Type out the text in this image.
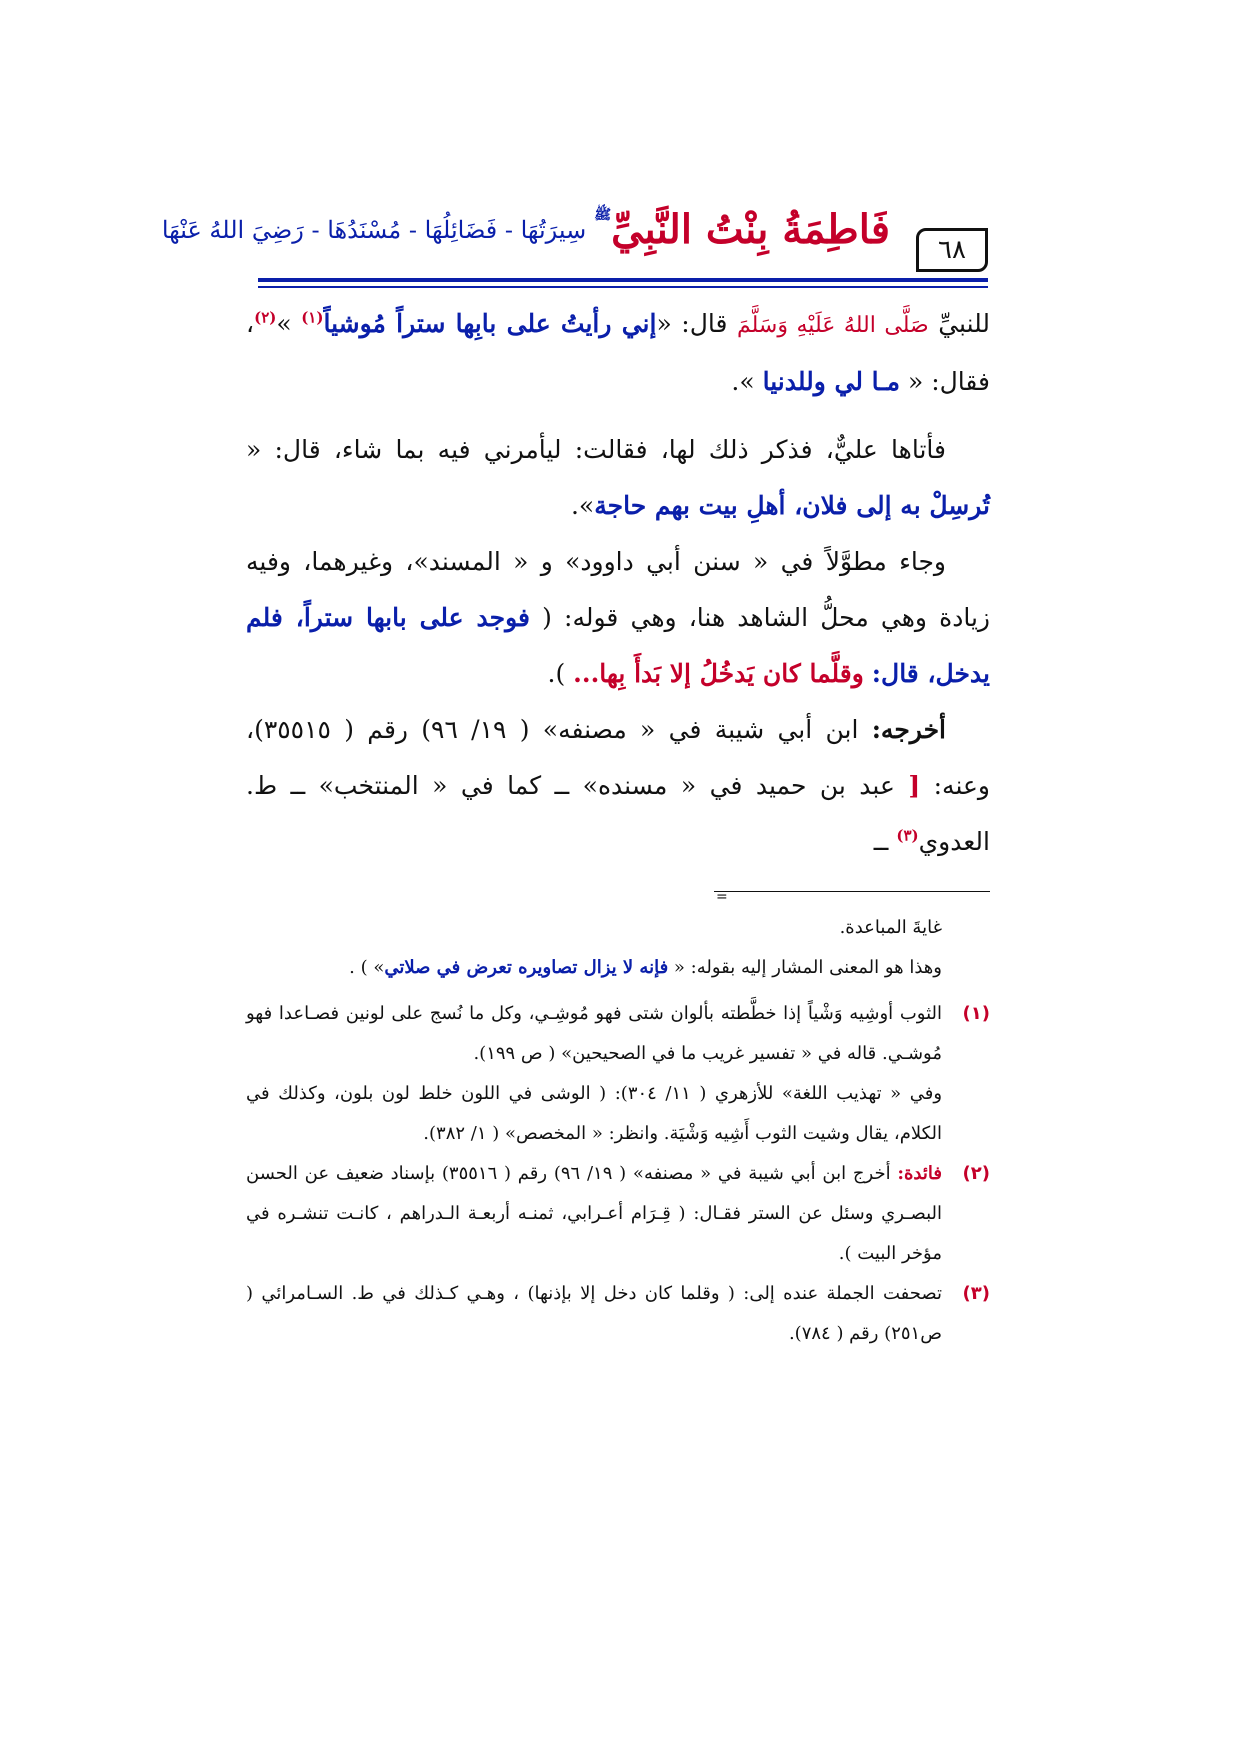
٦٨
فَاطِمَةُ بِنْتُ النَّبِيِّﷺسِيرَتُهَا - فَضَائِلُهَا - مُسْنَدُهَا - رَضِيَ اللهُ عَنْهَا

للنبيِّ صَلَّى اللهُ عَلَيْهِ وَسَلَّمَ قال: «إني رأيتُ على بابِها ستراً مُوشياً$^{(١)}$ »$^{(٢)}$، فقال: « مـا لي وللدنيا ».

فأتاها عليٌّ، فذكر ذلك لها، فقالت: ليأمرني فيه بما شاء، قال: « تُرسِلْ به إلى فلان، أهلِ بيت بهم حاجة».

وجاء مطوَّلاً في « سنن أبي داوود» و « المسند»، وغيرهما، وفيه زيادة وهي محلُّ الشاهد هنا، وهي قوله: ( فوجد على بابها ستراً، فلم يدخل، قال: وقلَّما كان يَدخُلُ إلا بَدأَ بِها... ).

أخرجه: ابن أبي شيبة في « مصنفه» ( ١٩/ ٩٦) رقم ( ٣٥٥١٥)، وعنه: [ عبد بن حميد في « مسنده» ــ كما في « المنتخب» ــ ط. العدوي$^{(٣)}$ ــ

=

غايةَ المباعدة.

وهذا هو المعنى المشار إليه بقوله: « فإنه لا يزال تصاويره تعرض في صلاتي» ) .

(١)

الثوب أوشِيه وَشْياً إذا خطَّطته بألوان شتى فهو مُوشِـي، وكل ما نُسج على لونين فصـاعدا فهو مُوشـي. قاله في « تفسير غريب ما في الصحيحين» ( ص ١٩٩).

وفي « تهذيب اللغة» للأزهري ( ١١/ ٣٠٤): ( الوشى في اللون خلط لون بلون، وكذلك في الكلام، يقال وشيت الثوب أَشِيه وَشْيَة. وانظر: « المخصص» ( ١/ ٣٨٢).

(٢)

فائدة: أخرج ابن أبي شيبة في « مصنفه» ( ١٩/ ٩٦) رقم ( ٣٥٥١٦) بإسناد ضعيف عن الحسن البصـري وسئل عن الستر فقـال: ( قِـرَام أعـرابي، ثمنـه أربعـة الـدراهم ، كانـت تنشـره في مؤخر البيت ).

(٣)

تصحفت الجملة عنده إلى: ( وقلما كان دخل إلا بإذنها) ، وهـي كـذلك في ط. السـامرائي ( ص٢٥١) رقم ( ٧٨٤).
